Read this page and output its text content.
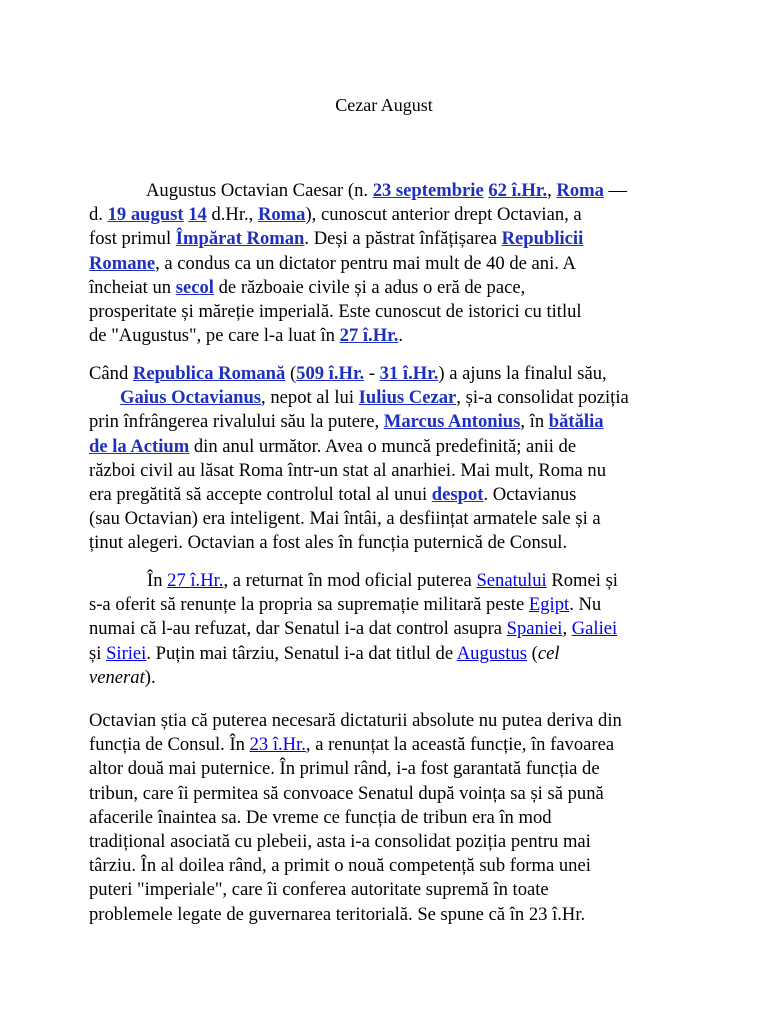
Cezar August
Augustus Octavian Caesar (n. 23 septembrie 62 î.Hr., Roma —
d. 19 august 14 d.Hr., Roma), cunoscut anterior drept Octavian, a
fost primul Împărat Roman. Deși a păstrat înfățișarea Republicii
Romane, a condus ca un dictator pentru mai mult de 40 de ani. A
încheiat un secol de războaie civile și a adus o eră de pace,
prosperitate și măreție imperială. Este cunoscut de istorici cu titlul
de "Augustus", pe care l-a luat în 27 î.Hr..
Când Republica Romană (509 î.Hr. - 31 î.Hr.) a ajuns la finalul său,
Gaius Octavianus, nepot al lui Iulius Cezar, și-a consolidat poziția
prin înfrângerea rivalului său la putere, Marcus Antonius, în bătălia
de la Actium din anul următor. Avea o muncă predefinită; anii de
război civil au lăsat Roma într-un stat al anarhiei. Mai mult, Roma nu
era pregătită să accepte controlul total al unui despot. Octavianus
(sau Octavian) era inteligent. Mai întâi, a desființat armatele sale și a
ținut alegeri. Octavian a fost ales în funcția puternică de Consul.
În 27 î.Hr., a returnat în mod oficial puterea Senatului Romei și
s-a oferit să renunțe la propria sa supremație militară peste Egipt. Nu
numai că l-au refuzat, dar Senatul i-a dat control asupra Spaniei, Galiei
și Siriei. Puțin mai târziu, Senatul i-a dat titlul de Augustus (cel
venerat).
Octavian știa că puterea necesară dictaturii absolute nu putea deriva din
funcția de Consul. În 23 î.Hr., a renunțat la această funcție, în favoarea
altor două mai puternice. În primul rând, i-a fost garantată funcția de
tribun, care îi permitea să convoace Senatul după voința sa și să pună
afacerile înaintea sa. De vreme ce funcția de tribun era în mod
tradițional asociată cu plebeii, asta i-a consolidat poziția pentru mai
târziu. În al doilea rând, a primit o nouă competență sub forma unei
puteri "imperiale", care îi conferea autoritate supremă în toate
problemele legate de guvernarea teritorială. Se spune că în 23 î.Hr.
